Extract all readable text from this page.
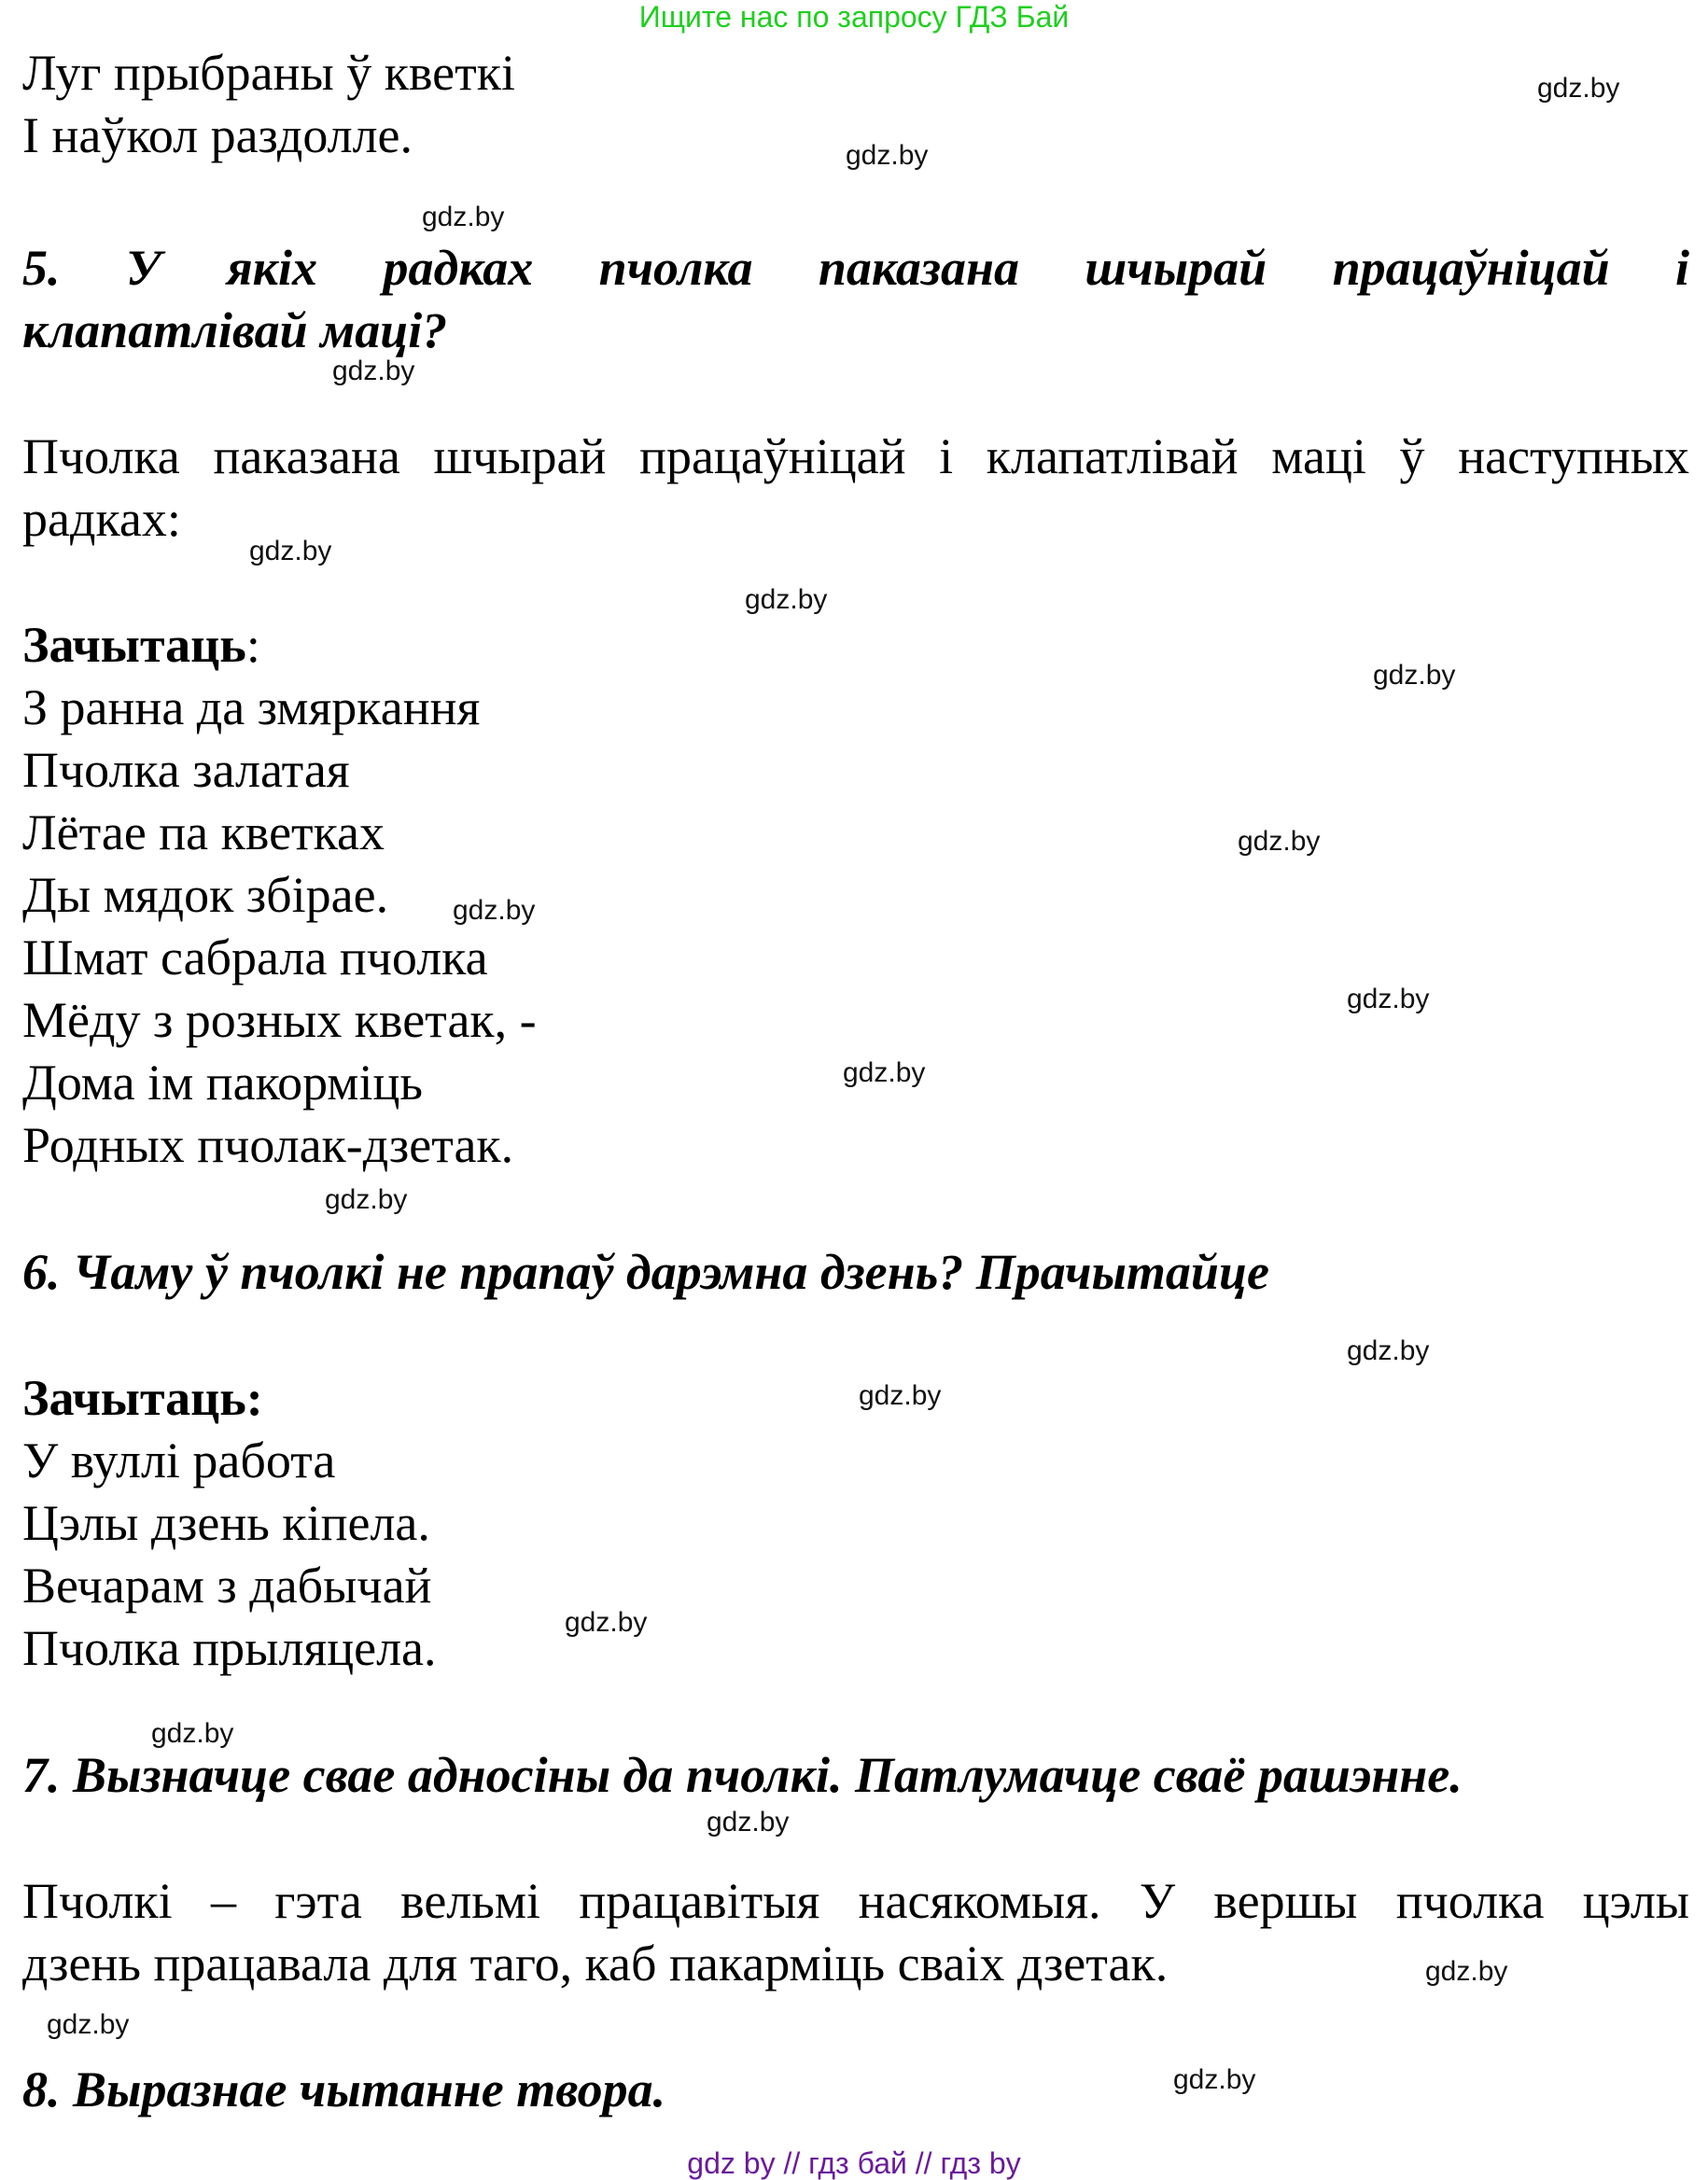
Ищите нас по запросу ГДЗ Бай
Луг прыбраны ў кветкі
І наўкол раздолле.
5. У якіх радках пчолка паказана шчырай працаўніцай і
клапатлівай маці?
Пчолка паказана шчырай працаўніцай і клапатлівай маці ў наступных
радках:
Зачытаць:
З ранна да змяркання
Пчолка залатая
Лётае па кветках
Ды мядок збірае.
Шмат сабрала пчолка
Мёду з розных кветак, -
Дома ім пакорміць
Родных пчолак-дзетак.
6. Чаму ў пчолкі не прапаў дарэмна дзень? Прачытайце
Зачытаць:
У вуллі работа
Цэлы дзень кіпела.
Вечарам з дабычай
Пчолка прыляцела.
7. Вызначце свае адносіны да пчолкі. Патлумачце сваё рашэнне.
Пчолкі – гэта вельмі працавітыя насякомыя. У вершы пчолка цэлы
дзень працавала для таго, каб пакарміць сваіх дзетак.
8. Выразнае чытанне твора.
gdz.by
gdz.by
gdz.by
gdz.by
gdz.by
gdz.by
gdz.by
gdz.by
gdz.by
gdz.by
gdz.by
gdz.by
gdz.by
gdz.by
gdz.by
gdz.by
gdz.by
gdz.by
gdz.by
gdz.by
gdz by // гдз бай // гдз by
